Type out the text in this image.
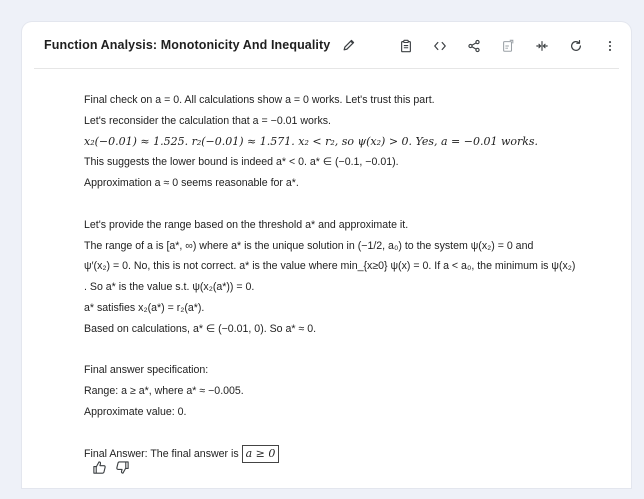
Function Analysis: Monotonicity And Inequality
Final check on a = 0. All calculations show a = 0 works. Let's trust this part.
Let's reconsider the calculation that a = −0.01 works.
x₂(−0.01) ≈ 1.525. r₂(−0.01) ≈ 1.571. x₂ < r₂, so ψ(x₂) > 0. Yes, a = −0.01 works.
This suggests the lower bound is indeed a* < 0. a* ∈ (−0.1, −0.01).
Approximation a ≈ 0 seems reasonable for a*.
Let's provide the range based on the threshold a* and approximate it.
The range of a is [a*, ∞) where a* is the unique solution in (−1/2, a₀) to the system ψ(x₂) = 0 and
ψ′(x₂) = 0. No, this is not correct. a* is the value where min_{x≥0} ψ(x) = 0. If a < a₀, the minimum is ψ(x₂)
. So a* is the value s.t. ψ(x₂(a*)) = 0.
a* satisfies x₂(a*) = r₂(a*).
Based on calculations, a* ∈ (−0.01, 0). So a* ≈ 0.
Final answer specification:
Range: a ≥ a*, where a* ≈ −0.005.
Approximate value: 0.
Final Answer: The final answer is a ≥ 0
